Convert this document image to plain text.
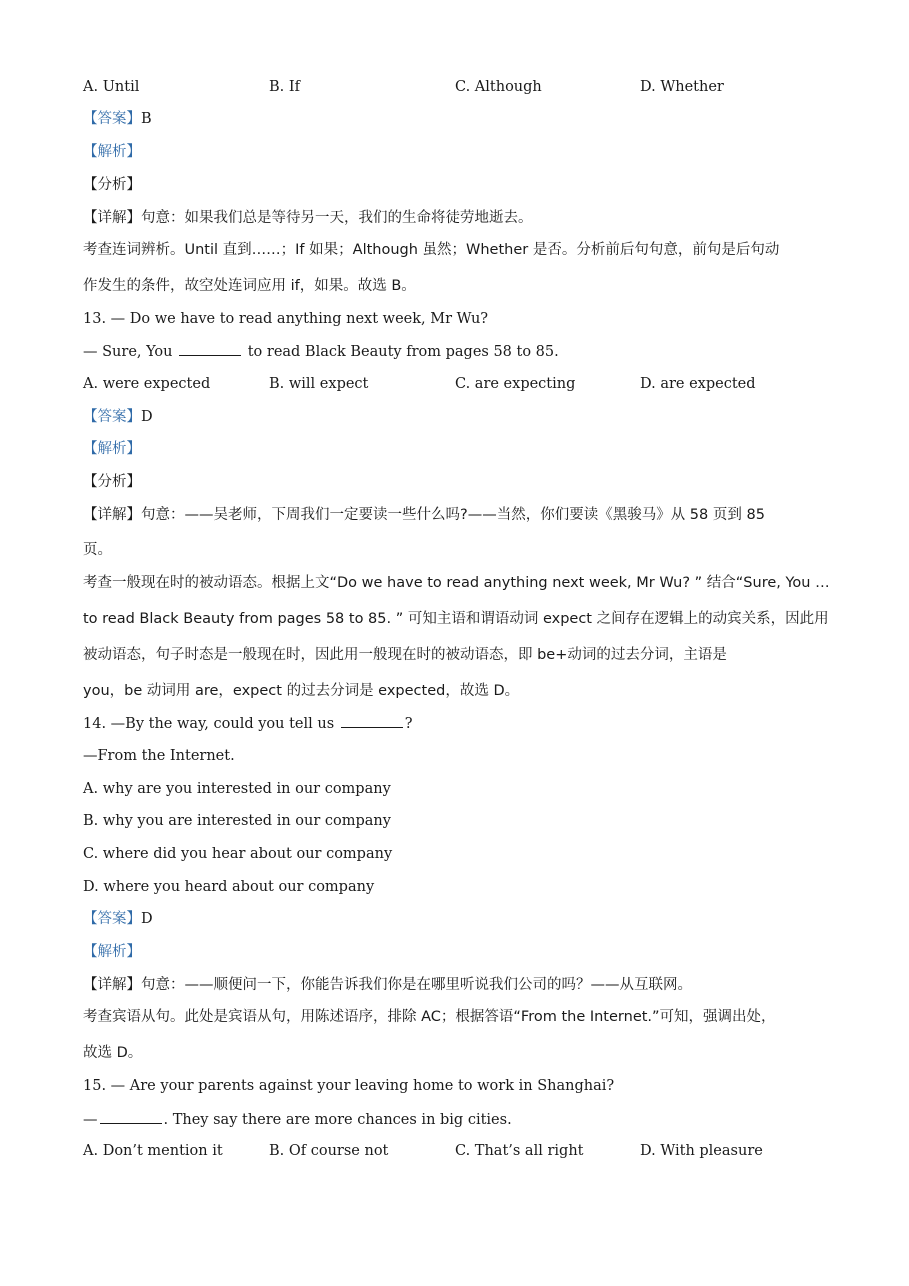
A. Until	B. If	C. Although	D. Whether
【答案】B
【解析】
【分析】
【详解】句意：如果我们总是等待另一天，我们的生命将徒劳地逝去。
考查连词辨析。Until 直到……；If 如果；Although 虽然；Whether 是否。分析前后句句意，前句是后句动
作发生的条件，故空处连词应用 if，如果。故选 B。
13. — Do we have to read anything next week, Mr Wu?
— Sure, You	to read Black Beauty from pages 58 to 85.
A. were expected	B. will expect	C. are expecting	D. are expected
【答案】D
【解析】
【分析】
【详解】句意：——吴老师，下周我们一定要读一些什么吗?——当然，你们要读《黑骏马》从 58 页到 85
页。
考查一般现在时的被动语态。根据上文“Do we have to read anything next week, Mr Wu? ” 结合“Sure, You …
to read Black Beauty from pages 58 to 85. ” 可知主语和谓语动词 expect 之间存在逻辑上的动宾关系，因此用
被动语态，句子时态是一般现在时，因此用一般现在时的被动语态，即 be+动词的过去分词，主语是
you，be 动词用 are，expect 的过去分词是 expected，故选 D。
14. —By the way, could you tell us	?
—From the Internet.
A. why are you interested in our company
B. why you are interested in our company
C. where did you hear about our company
D. where you heard about our company
【答案】D
【解析】
【详解】句意：——顺便问一下，你能告诉我们你是在哪里听说我们公司的吗？——从互联网。
考查宾语从句。此处是宾语从句，用陈述语序，排除 AC；根据答语“From the Internet.”可知，强调出处，
故选 D。
15. — Are your parents against your leaving home to work in Shanghai?
—	. They say there are more chances in big cities.
A. Don’t mention it	B. Of course not	C. That’s all right	D. With pleasure
